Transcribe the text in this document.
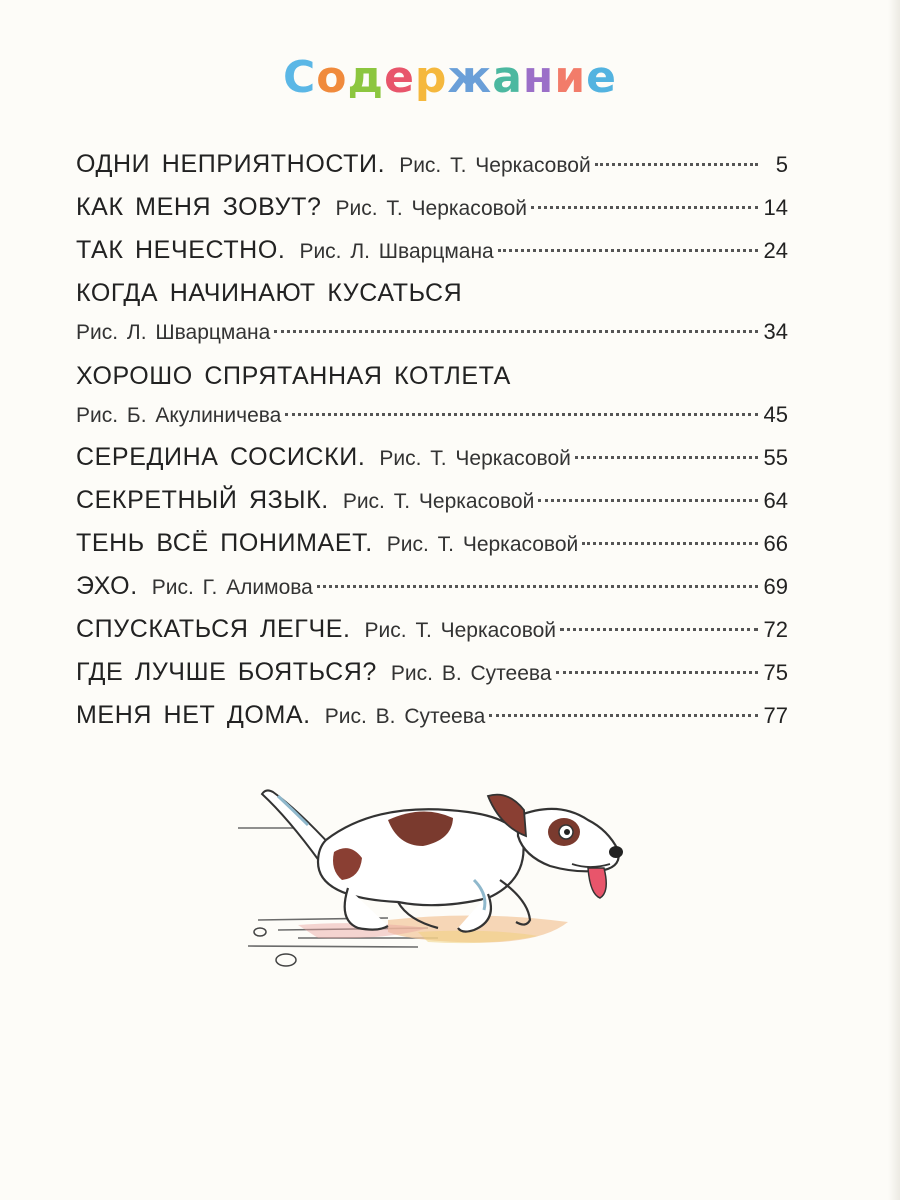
Содержание
ОДНИ НЕПРИЯТНОСТИ. Рис. Т. Черкасовой	5
КАК МЕНЯ ЗОВУТ? Рис. Т. Черкасовой	14
ТАК НЕЧЕСТНО. Рис. Л. Шварцмана	24
КОГДА НАЧИНАЮТ КУСАТЬСЯ
Рис. Л. Шварцмана	34
ХОРОШО СПРЯТАННАЯ КОТЛЕТА
Рис. Б. Акулиничева	45
СЕРЕДИНА СОСИСКИ. Рис. Т. Черкасовой	55
СЕКРЕТНЫЙ ЯЗЫК. Рис. Т. Черкасовой	64
ТЕНЬ ВСЁ ПОНИМАЕТ. Рис. Т. Черкасовой	66
ЭХО. Рис. Г. Алимова	69
СПУСКАТЬСЯ ЛЕГЧЕ. Рис. Т. Черкасовой	72
ГДЕ ЛУЧШЕ БОЯТЬСЯ? Рис. В. Сутеева	75
МЕНЯ НЕТ ДОМА. Рис. В. Сутеева	77
